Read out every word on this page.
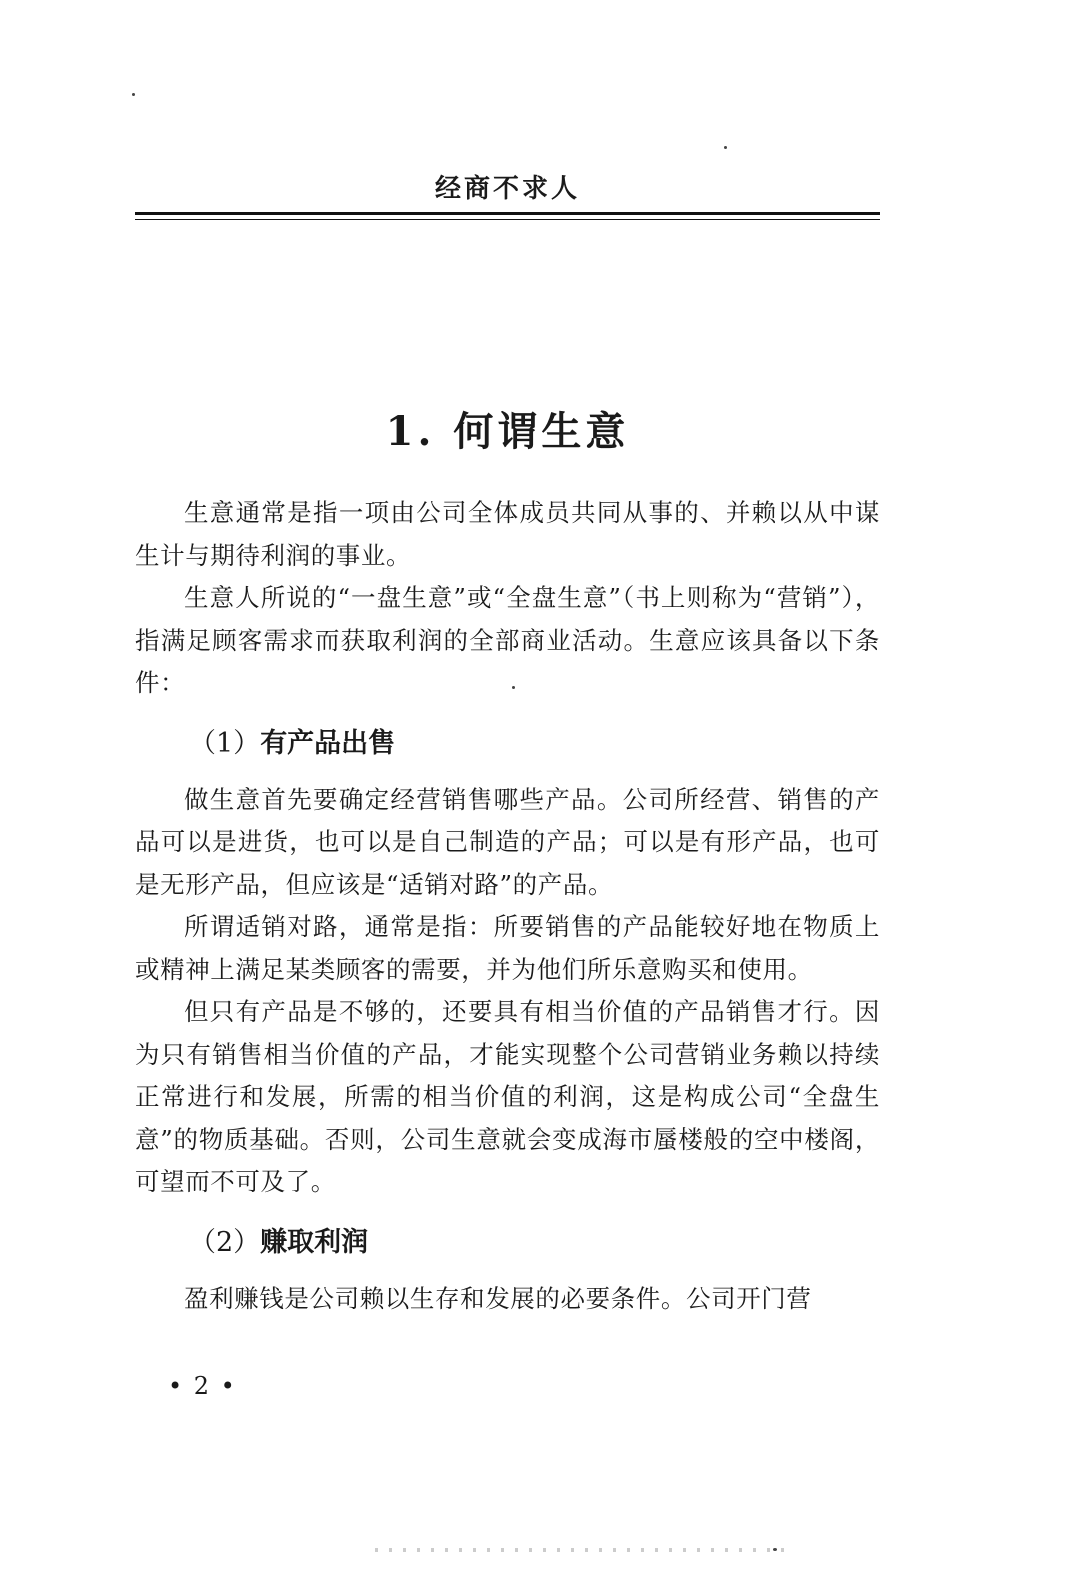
经商不求人
1. 何谓生意

生意通常是指一项由公司全体成员共同从事的、并赖以从中谋生计与期待利润的事业。

生意人所说的“一盘生意”或“全盘生意”（书上则称为“营销”），指满足顾客需求而获取利润的全部商业活动。生意应该具备以下条件：

（1）有产品出售

做生意首先要确定经营销售哪些产品。公司所经营、销售的产品可以是进货，也可以是自己制造的产品；可以是有形产品，也可是无形产品，但应该是“适销对路”的产品。

所谓适销对路，通常是指：所要销售的产品能较好地在物质上或精神上满足某类顾客的需要，并为他们所乐意购买和使用。

但只有产品是不够的，还要具有相当价值的产品销售才行。因为只有销售相当价值的产品，才能实现整个公司营销业务赖以持续正常进行和发展，所需的相当价值的利润，这是构成公司“全盘生意”的物质基础。否则，公司生意就会变成海市蜃楼般的空中楼阁，可望而不可及了。

（2）赚取利润

盈利赚钱是公司赖以生存和发展的必要条件。公司开门营

• 2 •
